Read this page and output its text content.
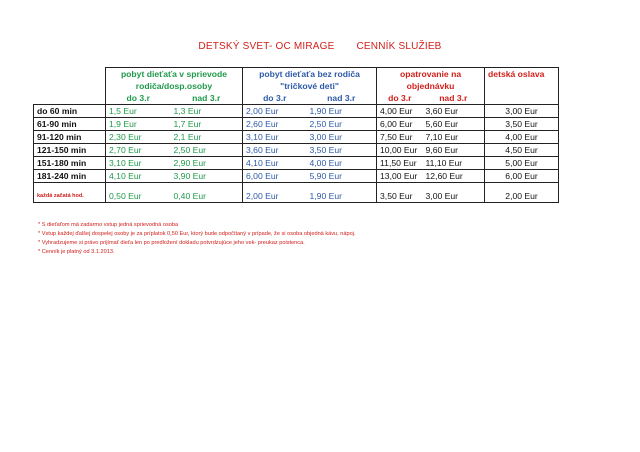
DETSKÝ SVET- OC MIRAGE CENNÍK SLUŽIEB
	pobyt dieťaťa v sprievode		pobyt dieťaťa bez rodiča		opatrovanie na		detská oslava
	rodiča/dosp.osoby		"tričkové deti"		objednávku		
	do 3.r	nad 3.r	do 3.r	nad 3.r	do 3.r	nad 3.r	
do 60 min	1,5 Eur	1,3 Eur	2,00 Eur	1,90 Eur	4,00 Eur	3,60 Eur	3,00 Eur
61-90 min	1,9 Eur	1,7 Eur	2,60 Eur	2,50 Eur	6,00 Eur	5,60 Eur	3,50 Eur
91-120 min	2,30 Eur	2,1 Eur	3,10 Eur	3,00 Eur	7,50 Eur	7,10 Eur	4,00 Eur
121-150 min	2,70 Eur	2,50 Eur	3,60 Eur	3,50 Eur	10,00 Eur	9,60 Eur	4,50 Eur
151-180 min	3,10 Eur	2,90 Eur	4,10 Eur	4,00 Eur	11,50 Eur	11,10 Eur	5,00 Eur
181-240 min	4,10 Eur	3,90 Eur	6,00 Eur	5,90 Eur	13,00 Eur	12,60 Eur	6,00 Eur

každá začatá hod.	0,50 Eur	0,40 Eur	2,00 Eur	1,90 Eur	3,50 Eur	3,00 Eur	2,00 Eur
* S dieťaťom má zadarmo vstup jedná sprievodná osoba
* Vstup každej ďalšej dospelej osoby je za príplatok 0,50 Eur, ktorý bude odpočítaný v prípade, že si osoba objedná kávu, nápoj.
* Vyhradzujeme si právo prijímať dieťa len po predložení dokladu potvrdzujúce jeho vek- preukaz poistenca.
* Cenník je platný od 3.1.2013.
